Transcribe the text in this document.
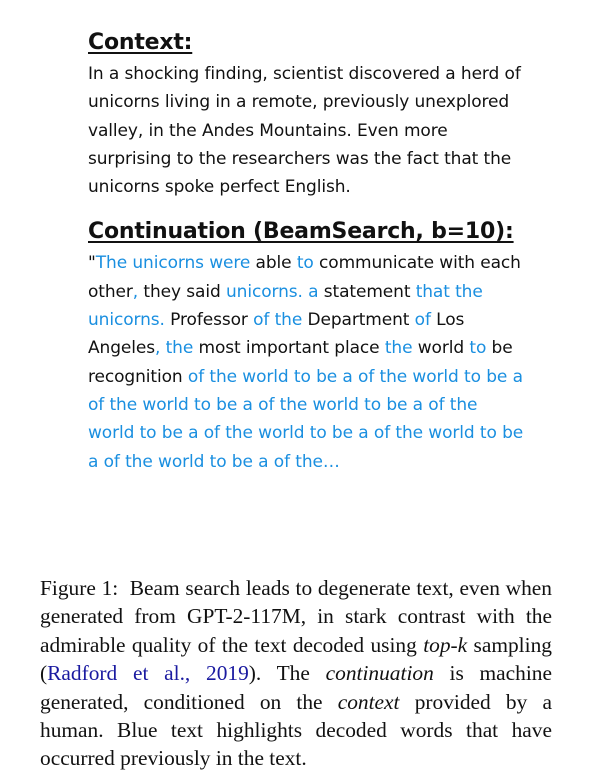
Context:

In a shocking finding, scientist discovered a herd of unicorns living in a remote, previously unexplored valley, in the Andes Mountains. Even more surprising to the researchers was the fact that the unicorns spoke perfect English.

Continuation (BeamSearch, b=10):

"The unicorns were able to communicate with each other, they said unicorns. a statement that the unicorns. Professor of the Department of Los Angeles, the most important place the world to be recognition of the world to be a of the world to be a of the world to be a of the world to be a of the world to be a of the world to be a of the world to be a of the world to be a of the…

Figure 1: Beam search leads to degenerate text, even when generated from GPT-2-117M, in stark contrast with the admirable quality of the text decoded using top-k sampling (Radford et al., 2019). The continuation is machine generated, conditioned on the context provided by a human. Blue text highlights decoded words that have occurred previously in the text.
